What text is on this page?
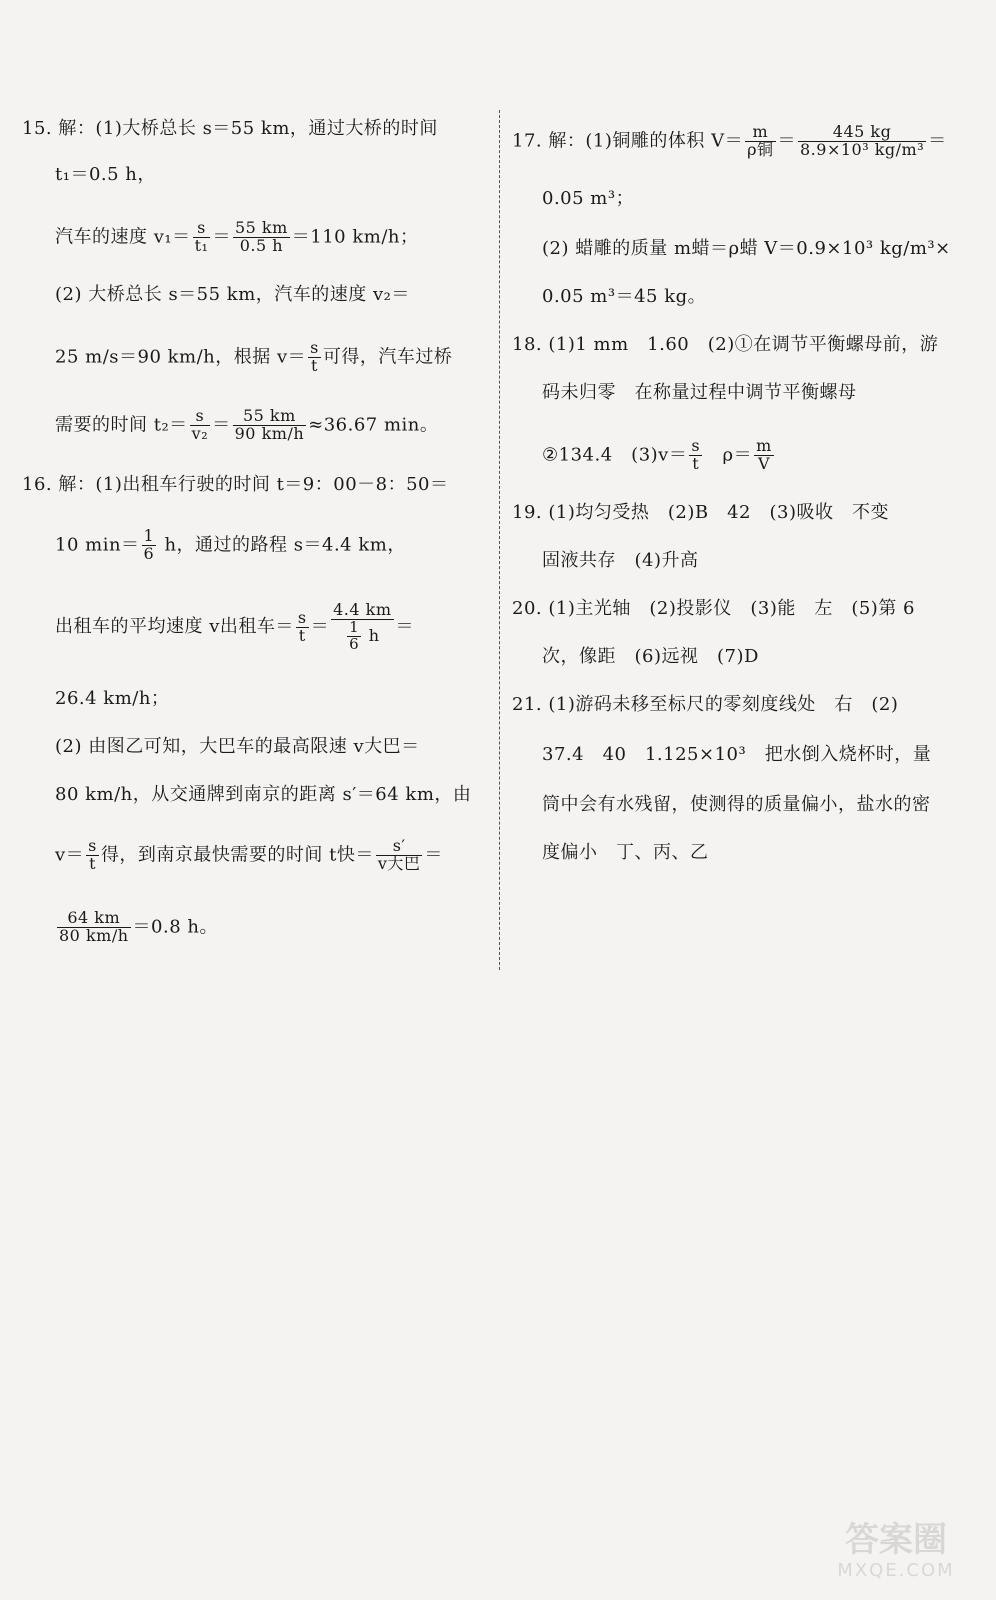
15. 解：(1)大桥总长 s＝55 km，通过大桥的时间
t₁＝0.5 h，
汽车的速度 $v_1= \frac{s}{\text{t₁}} = \frac{55 km}{0.5 h} =110$ km/h；
(2) 大桥总长 s＝55 km，汽车的速度 v₂＝
25 m/s＝90 km/h，根据 $v= \frac{s}{t}$ 可得，汽车过桥
需要的时间 $t_2= \frac{s}{\text{v₂}} = \frac{55 km}{90 km/h} \approx 36.67$ min。
16. 解：(1)出租车行驶的时间 t＝9：00－8：50＝
10 $\min= \frac{1}{6}$ h，通过的路程 s＝4.4 km，
出租车的平均速度 v出租车＝ $\frac{s}{t} = \frac{4.4 km}{\frac{1}{6} h}$ ＝
26.4 km/h；
(2) 由图乙可知，大巴车的最高限速 v大巴＝
80 km/h，从交通牌到南京的距离 s′＝64 km，由
$v= \frac{s}{t}$ 得，到南京最快需要的时间 t快＝ $\frac{s'}{\text{v大巴}}$ ＝
$\frac{64 km}{80 km/h} =0.8$ h。
17. 解：(1)铜雕的体积 $V= \frac{m}{\text{ρ铜}} = \frac{445 kg}{\text{8.9×10³ kg/m³}}$ ＝
0.05 m³；
(2) 蜡雕的质量 m蜡＝ρ蜡 V＝0.9×10³ kg/m³×
0.05 m³＝45 kg。
18. (1)1 mm　1.60　(2)①在调节平衡螺母前，游
码未归零　在称量过程中调节平衡螺母
②134.4　$(3)v= \frac{s}{t}$ 　$\rho= \frac{m}{V}$
19. (1)均匀受热　(2)B　42　(3)吸收　不变
固液共存　(4)升高
20. (1)主光轴　(2)投影仪　(3)能　左　(5)第 6
次，像距　(6)远视　(7)D
21. (1)游码未移至标尺的零刻度线处　右　(2)
37.4　40　1.125×10³　把水倒入烧杯时，量
筒中会有水残留，使测得的质量偏小，盐水的密
度偏小　丁、丙、乙
答案圈
MXQE.COM
